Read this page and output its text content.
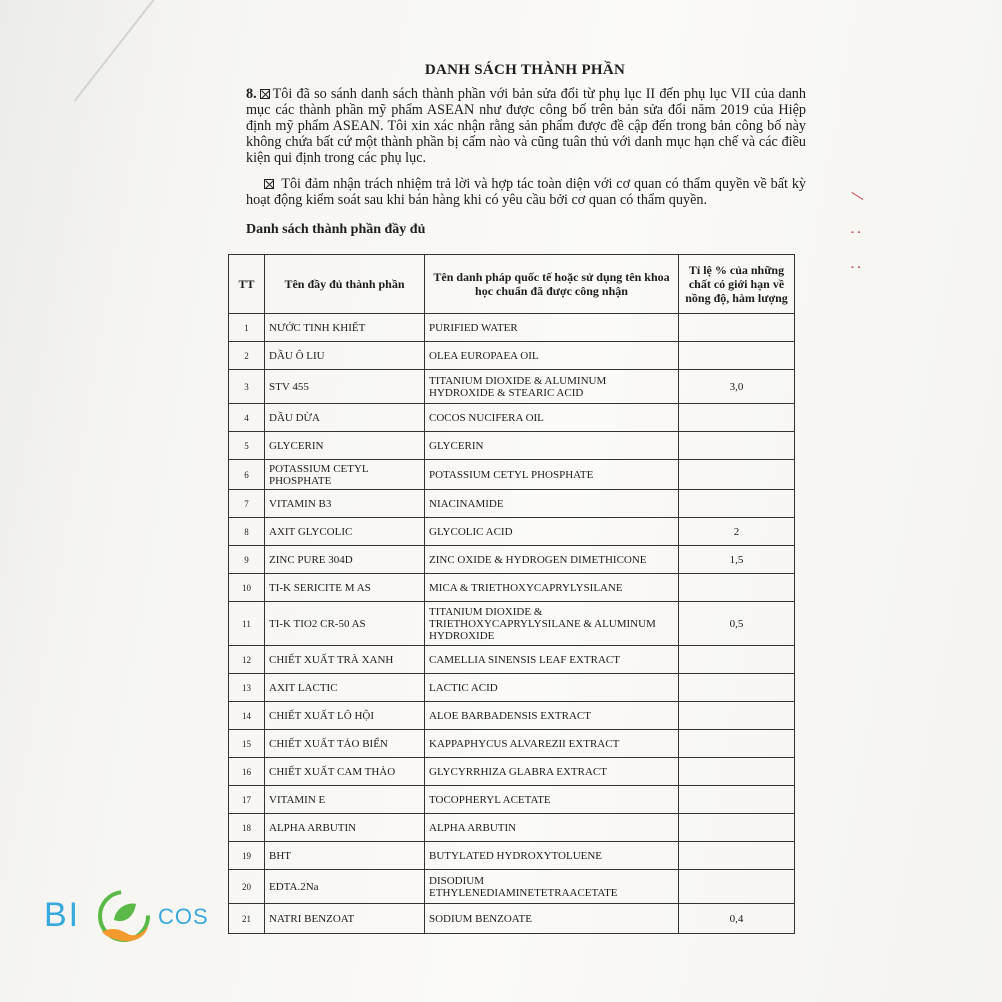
DANH SÁCH THÀNH PHẦN
8. Tôi đã so sánh danh sách thành phần với bản sửa đổi từ phụ lục II đến phụ lục VII của danh mục các thành phần mỹ phẩm ASEAN như được công bố trên bản sửa đổi năm 2019 của Hiệp định mỹ phẩm ASEAN. Tôi xin xác nhận rằng sản phẩm được đề cập đến trong bản công bố này không chứa bất cứ một thành phần bị cấm nào và cũng tuân thủ với danh mục hạn chế và các điều kiện qui định trong các phụ lục.
Tôi đảm nhận trách nhiệm trả lời và hợp tác toàn diện với cơ quan có thẩm quyền về bất kỳ hoạt động kiểm soát sau khi bán hàng khi có yêu cầu bởi cơ quan có thẩm quyền.
Danh sách thành phần đầy đủ
TT	Tên đầy đủ thành phần	Tên danh pháp quốc tế hoặc sử dụng tên khoa học chuẩn đã được công nhận	Tỉ lệ % của những chất có giới hạn về nồng độ, hàm lượng
1	NƯỚC TINH KHIẾT	PURIFIED WATER	
2	DẦU Ô LIU	OLEA EUROPAEA OIL	
3	STV 455	TITANIUM DIOXIDE & ALUMINUM HYDROXIDE & STEARIC ACID	3,0
4	DẦU DỪA	COCOS NUCIFERA OIL	
5	GLYCERIN	GLYCERIN	
6	POTASSIUM CETYL PHOSPHATE	POTASSIUM CETYL PHOSPHATE	
7	VITAMIN B3	NIACINAMIDE	
8	AXIT GLYCOLIC	GLYCOLIC ACID	2
9	ZINC PURE 304D	ZINC OXIDE & HYDROGEN DIMETHICONE	1,5
10	TI-K SERICITE M AS	MICA & TRIETHOXYCAPRYLYSILANE	
11	TI-K TIO2 CR-50 AS	TITANIUM DIOXIDE & TRIETHOXYCAPRYLYSILANE & ALUMINUM HYDROXIDE	0,5
12	CHIẾT XUẤT TRÀ XANH	CAMELLIA SINENSIS LEAF EXTRACT	
13	AXIT LACTIC	LACTIC ACID	
14	CHIẾT XUẤT LÔ HỘI	ALOE BARBADENSIS EXTRACT	
15	CHIẾT XUẤT TẢO BIỂN	KAPPAPHYCUS ALVAREZII EXTRACT	
16	CHIẾT XUẤT CAM THẢO	GLYCYRRHIZA GLABRA EXTRACT	
17	VITAMIN E	TOCOPHERYL ACETATE	
18	ALPHA ARBUTIN	ALPHA ARBUTIN	
19	BHT	BUTYLATED HYDROXYTOLUENE	
20	EDTA.2Na	DISODIUM ETHYLENEDIAMINETETRAACETATE	
21	NATRI BENZOAT	SODIUM BENZOATE	0,4
⁄
:
:
BI	COS
